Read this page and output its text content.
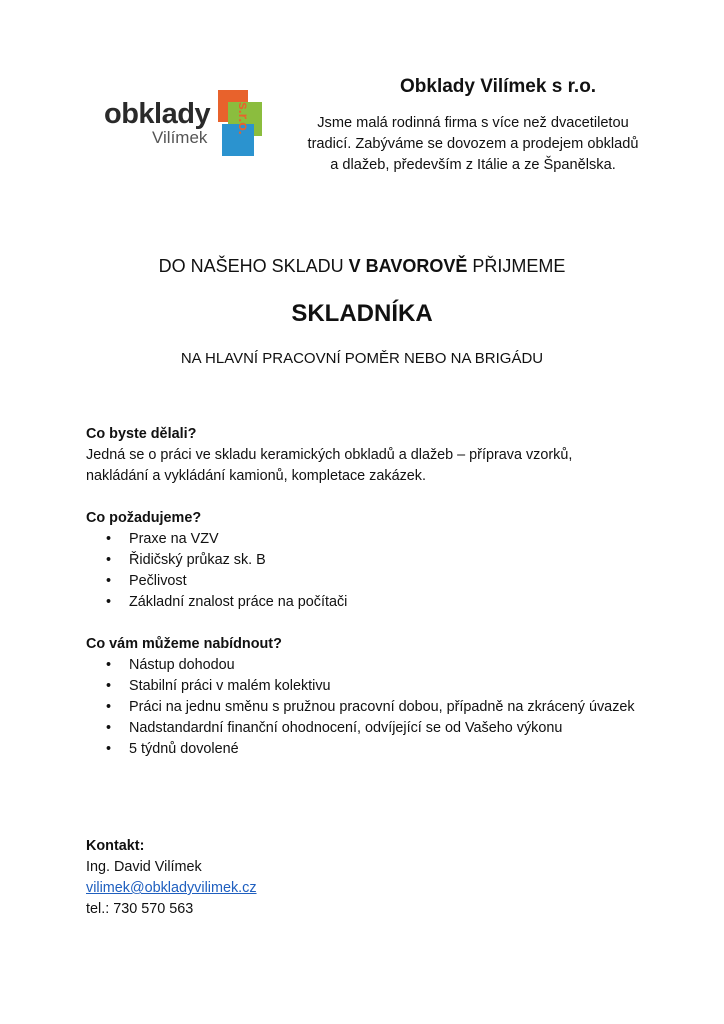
s.r.o.
obklady
Vilímek
Obklady Vilímek s r.o.
Jsme malá rodinná firma s více než dvacetiletou
tradicí. Zabýváme se dovozem a prodejem obkladů
a dlažeb, především z Itálie a ze Španělska.
DO NAŠEHO SKLADU V BAVOROVĚ PŘIJMEME
SKLADNÍKA
NA HLAVNÍ PRACOVNÍ POMĚR NEBO NA BRIGÁDU
Co byste dělali?

Jedná se o práci ve skladu keramických obkladů a dlažeb – příprava vzorků,

nakládání a vykládání kamionů, kompletace zakázek.

Co požadujeme?
• Praxe na VZV
• Řidičský průkaz sk. B
• Pečlivost
• Základní znalost práce na počítači
Co vám můžeme nabídnout?
• Nástup dohodou
• Stabilní práci v malém kolektivu
• Práci na jednu směnu s pružnou pracovní dobou, případně na zkrácený úvazek
• Nadstandardní finanční ohodnocení, odvíjející se od Vašeho výkonu
• 5 týdnů dovolené
Kontakt:

Ing. David Vilímek

vilimek@obkladyvilimek.cz

tel.: 730 570 563
